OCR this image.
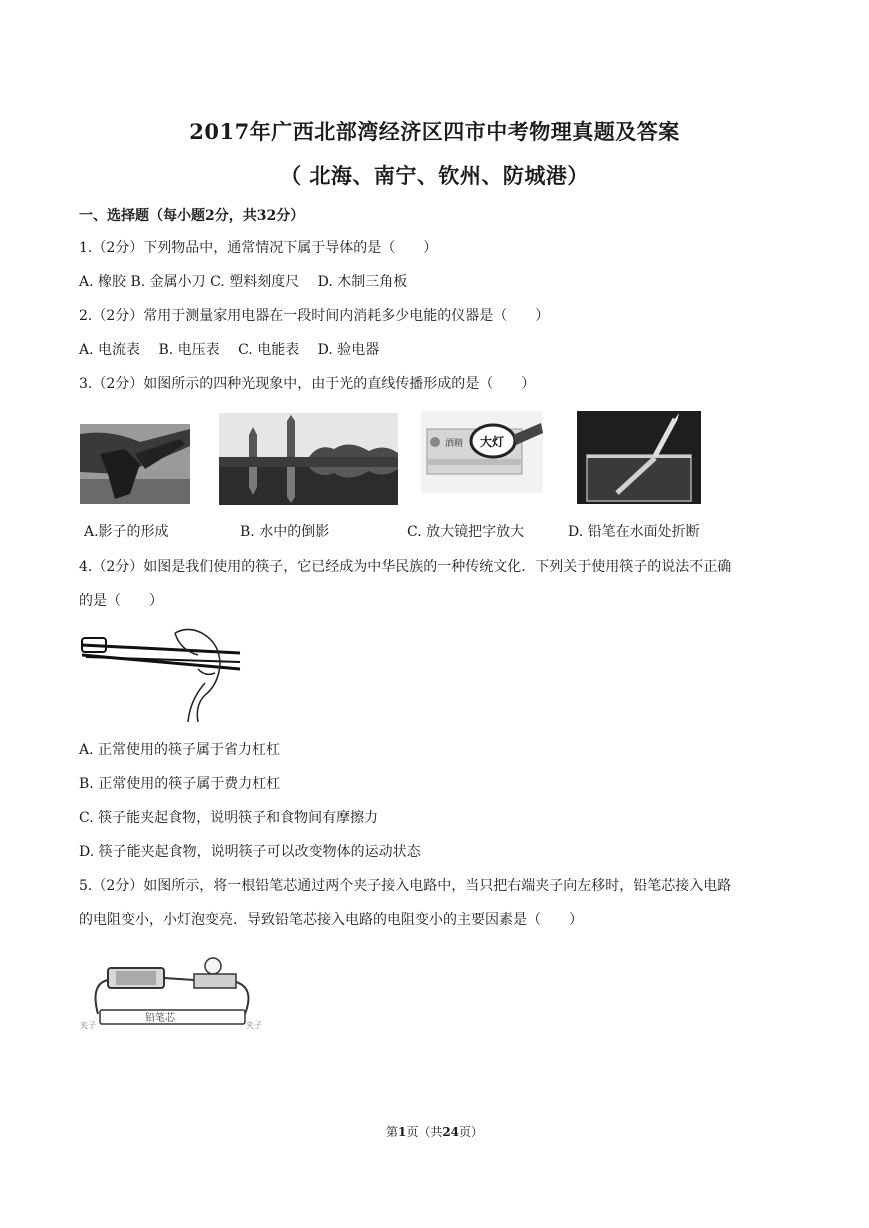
2017年广西北部湾经济区四市中考物理真题及答案
（ 北海、南宁、钦州、防城港）
一、选择题（每小题2分，共32分）
1.（2分）下列物品中，通常情况下属于导体的是（　　）
A. 橡胶 B. 金属小刀 C. 塑料刻度尺　 D. 木制三角板
2.（2分）常用于测量家用电器在一段时间内消耗多少电能的仪器是（　　）
A. 电流表　 B. 电压表　 C. 电能表　 D. 验电器
3.（2分）如图所示的四种光现象中，由于光的直线传播形成的是（　　）
酒精 大灯
A.影子的形成	B. 水中的倒影	C. 放大镜把字放大	D. 铅笔在水面处折断
4.（2分）如图是我们使用的筷子，它已经成为中华民族的一种传统文化．下列关于使用筷子的说法不正确
的是（　　）
A. 正常使用的筷子属于省力杠杠
B. 正常使用的筷子属于费力杠杠
C. 筷子能夹起食物，说明筷子和食物间有摩擦力
D. 筷子能夹起食物，说明筷子可以改变物体的运动状态
5.（2分）如图所示，将一根铅笔芯通过两个夹子接入电路中，当只把右端夹子向左移时，铅笔芯接入电路
的电阻变小，小灯泡变亮．导致铅笔芯接入电路的电阻变小的主要因素是（　　）
铅笔芯
夹子	夹子
第1页（共24页）
